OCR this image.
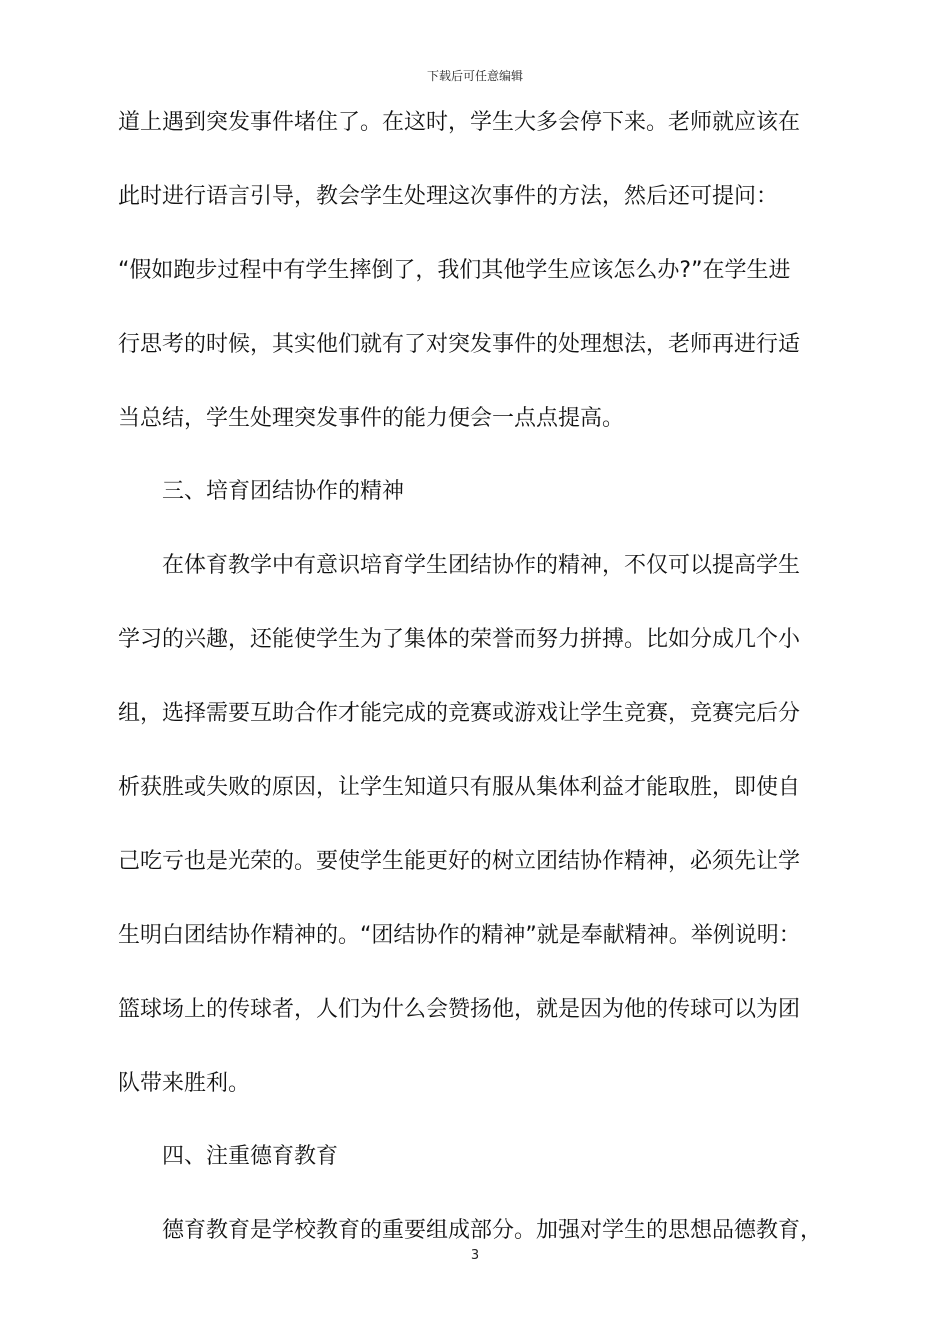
下载后可任意编辑
道上遇到突发事件堵住了。在这时，学生大多会停下来。老师就应该在
此时进行语言引导，教会学生处理这次事件的方法，然后还可提问：
“假如跑步过程中有学生摔倒了，我们其他学生应该怎么办?”在学生进
行思考的时候，其实他们就有了对突发事件的处理想法，老师再进行适
当总结，学生处理突发事件的能力便会一点点提高。
三、培育团结协作的精神
在体育教学中有意识培育学生团结协作的精神，不仅可以提高学生
学习的兴趣，还能使学生为了集体的荣誉而努力拼搏。比如分成几个小
组，选择需要互助合作才能完成的竞赛或游戏让学生竞赛，竞赛完后分
析获胜或失败的原因，让学生知道只有服从集体利益才能取胜，即使自
己吃亏也是光荣的。要使学生能更好的树立团结协作精神，必须先让学
生明白团结协作精神的。“团结协作的精神”就是奉献精神。举例说明：
篮球场上的传球者，人们为什么会赞扬他，就是因为他的传球可以为团
队带来胜利。
四、注重德育教育
德育教育是学校教育的重要组成部分。加强对学生的思想品德教育，
3
